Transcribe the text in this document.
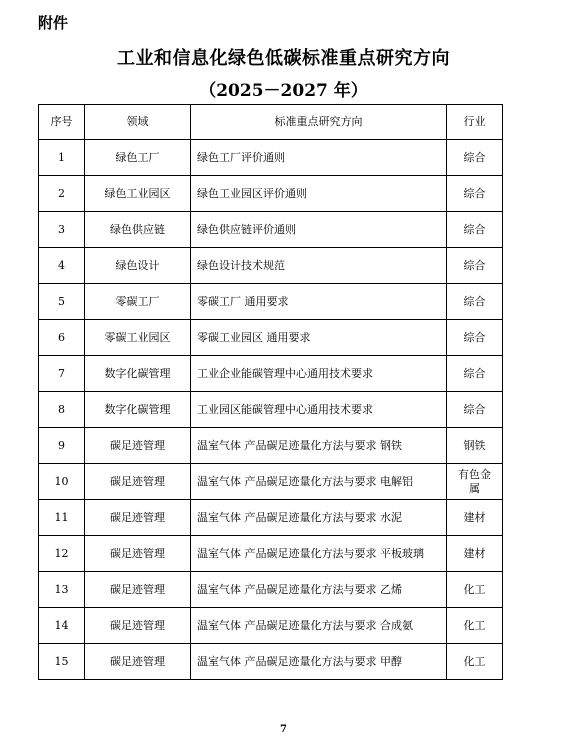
附件
工业和信息化绿色低碳标准重点研究方向
（2025－2027 年）
序号	领域	标准重点研究方向	行业
1	绿色工厂	绿色工厂评价通则	综合
2	绿色工业园区	绿色工业园区评价通则	综合
3	绿色供应链	绿色供应链评价通则	综合
4	绿色设计	绿色设计技术规范	综合
5	零碳工厂	零碳工厂 通用要求	综合
6	零碳工业园区	零碳工业园区 通用要求	综合
7	数字化碳管理	工业企业能碳管理中心通用技术要求	综合
8	数字化碳管理	工业园区能碳管理中心通用技术要求	综合
9	碳足迹管理	温室气体 产品碳足迹量化方法与要求 钢铁	钢铁
10	碳足迹管理	温室气体 产品碳足迹量化方法与要求 电解铝	有色金属
11	碳足迹管理	温室气体 产品碳足迹量化方法与要求 水泥	建材
12	碳足迹管理	温室气体 产品碳足迹量化方法与要求 平板玻璃	建材
13	碳足迹管理	温室气体 产品碳足迹量化方法与要求 乙烯	化工
14	碳足迹管理	温室气体 产品碳足迹量化方法与要求 合成氨	化工
15	碳足迹管理	温室气体 产品碳足迹量化方法与要求 甲醇	化工
7
